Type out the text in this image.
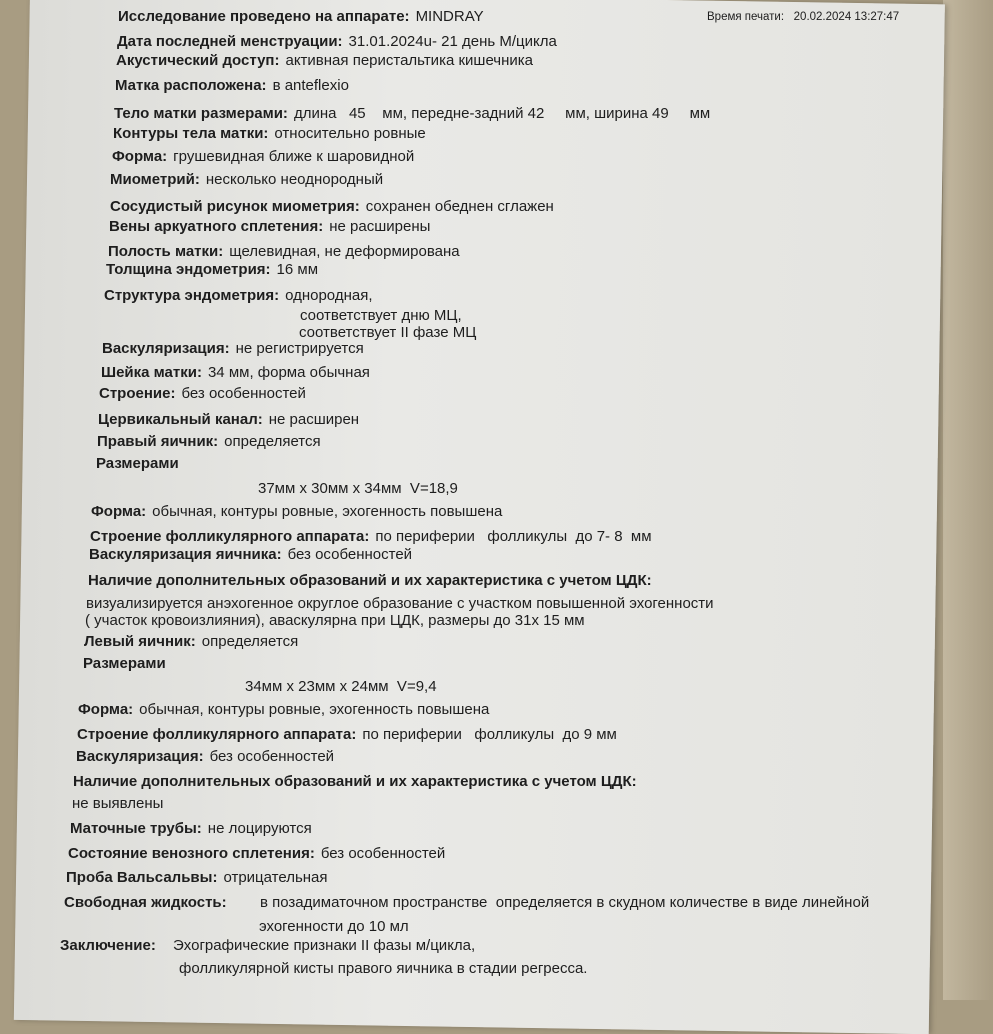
Время печати: 20.02.2024 13:27:47
Исследование проведено на аппарате: MINDRAY
Дата последней менструации: 31.01.2024u- 21 день М/цикла
Акустический доступ: активная перистальтика кишечника
Матка расположена: в anteflexio
Тело матки размерами: длина   45    мм, передне-задний 42     мм, ширина 49     мм
Контуры тела матки: относительно ровные
Форма: грушевидная ближе к шаровидной
Миометрий: несколько неоднородный
Сосудистый рисунок миометрия: сохранен обеднен сглажен
Вены аркуатного сплетения: не расширены
Полость матки: щелевидная, не деформирована
Толщина эндометрия: 16 мм
Структура эндометрия: однородная,
соответствует дню МЦ,
соответствует II фазе МЦ
Васкуляризация: не регистрируется
Шейка матки: 34 мм, форма обычная
Строение: без особенностей
Цервикальный канал: не расширен
Правый яичник: определяется
Размерами
37мм х 30мм х 34мм  V=18,9
Форма: обычная, контуры ровные, эхогенность повышена
Строение фолликулярного аппарата: по периферии   фолликулы  до 7- 8  мм
Васкуляризация яичника: без особенностей
Наличие дополнительных образований и их характеристика с учетом ЦДК:
визуализируется анэхогенное округлое образование с участком повышенной эхогенности
( участок кровоизлияния), аваскулярна при ЦДК, размеры до 31х 15 мм
Левый яичник: определяется
Размерами
34мм х 23мм х 24мм  V=9,4
Форма: обычная, контуры ровные, эхогенность повышена
Строение фолликулярного аппарата: по периферии   фолликулы  до 9 мм
Васкуляризация: без особенностей
Наличие дополнительных образований и их характеристика с учетом ЦДК:
не выявлены
Маточные трубы: не лоцируются
Состояние венозного сплетения: без особенностей
Проба Вальсальвы: отрицательная
Свободная жидкость: в позадиматочном пространстве  определяется в скудном количестве в виде линейной
эхогенности до 10 мл
Заключение: Эхографические признаки II фазы м/цикла,
фолликулярной кисты правого яичника в стадии регресса.
